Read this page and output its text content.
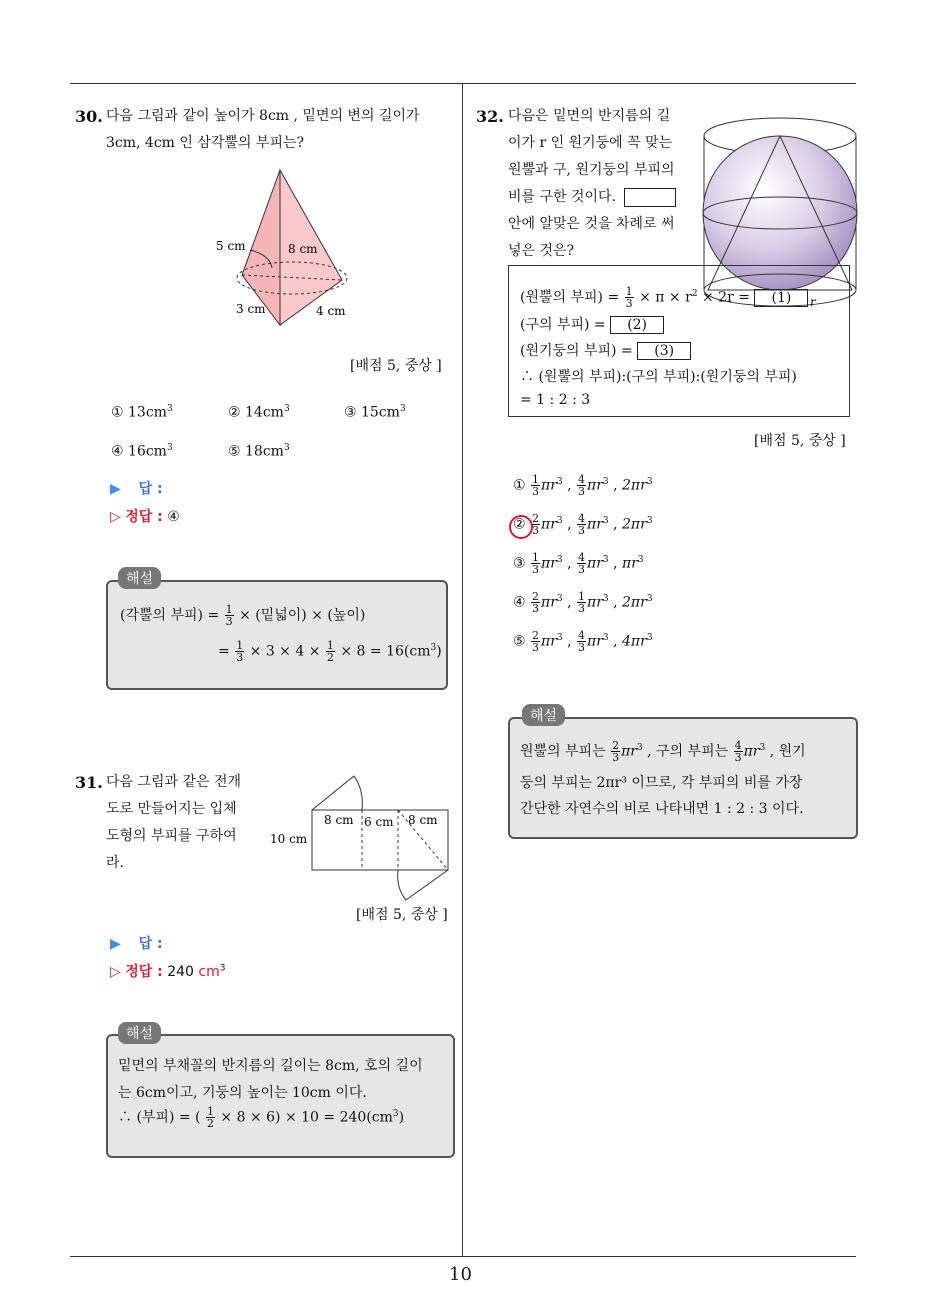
30. 다음 그림과 같이 높이가 8cm , 밑면의 변의 길이가
3cm, 4cm 인 삼각뿔의 부피는?
5 cm	8 cm
3 cm	4 cm
[배점 5, 중상 ]
① $13cm^3$	② $14cm^3$	③ $15cm^3$
④ $16cm^3$	⑤ $18cm^3$
▶ 답 :
▷ 정답 : ④
해설
(각뿔의 부피) = $\frac{1}{3}$ × (밑넓이) × (높이)
= $\frac{1}{3} \times 3 \times 4 \times \frac{1}{2} \times 8 = 16(cm^3)$
31. 다음 그림과 같은 전개
도로 만들어지는 입체
도형의 부피를 구하여
라.
8 cm 6 cm 8 cm
10 cm
[배점 5, 중상 ]
▶ 답 :
▷ 정답 : 240 $cm^3$
해설
밑면의 부채꼴의 반지름의 길이는 8cm, 호의 길이
는 6cm이고, 기둥의 높이는 10cm 이다.
∴ (부피) = ( $\frac{1}{2} \times 8 \times 6) \times 10 = 240(cm^3)$
32. 다음은 밑면의 반지름의 길
이가 r 인 원기둥에 꼭 맞는
원뿔과 구, 원기둥의 부피의
비를 구한 것이다.
안에 알맞은 것을 차례로 써
넣은 것은?
r
(원뿔의 부피) = $\frac{1}{3} \times \pi \times r^2 \times 2r = (1)$
(구의 부피) = (2)
(원기둥의 부피) = (3)
∴ (원뿔의 부피):(구의 부피):(원기둥의 부피)
= 1 : 2 : 3
[배점 5, 중상 ]
① $\frac{1}{3} \pi r^3$ , $\frac{4}{3} \pi r^3$ , $2\pi r^3$
② $\frac{2}{3} \pi r^3$ , $\frac{4}{3} \pi r^3$ , $2\pi r^3$
③ $\frac{1}{3} \pi r^3$ , $\frac{4}{3} \pi r^3$ , $\pi r^3$
④ $\frac{2}{3} \pi r^3$ , $\frac{1}{3} \pi r^3$ , $2\pi r^3$
⑤ $\frac{2}{3} \pi r^3$ , $\frac{4}{3} \pi r^3$ , $4\pi r^3$
해설
원뿔의 부피는 $\frac{2}{3} \pi r^3$ , 구의 부피는 $\frac{4}{3} \pi r^3$ , 원기
둥의 부피는 2πr³ 이므로, 각 부피의 비를 가장
간단한 자연수의 비로 나타내면 1 : 2 : 3 이다.
10
